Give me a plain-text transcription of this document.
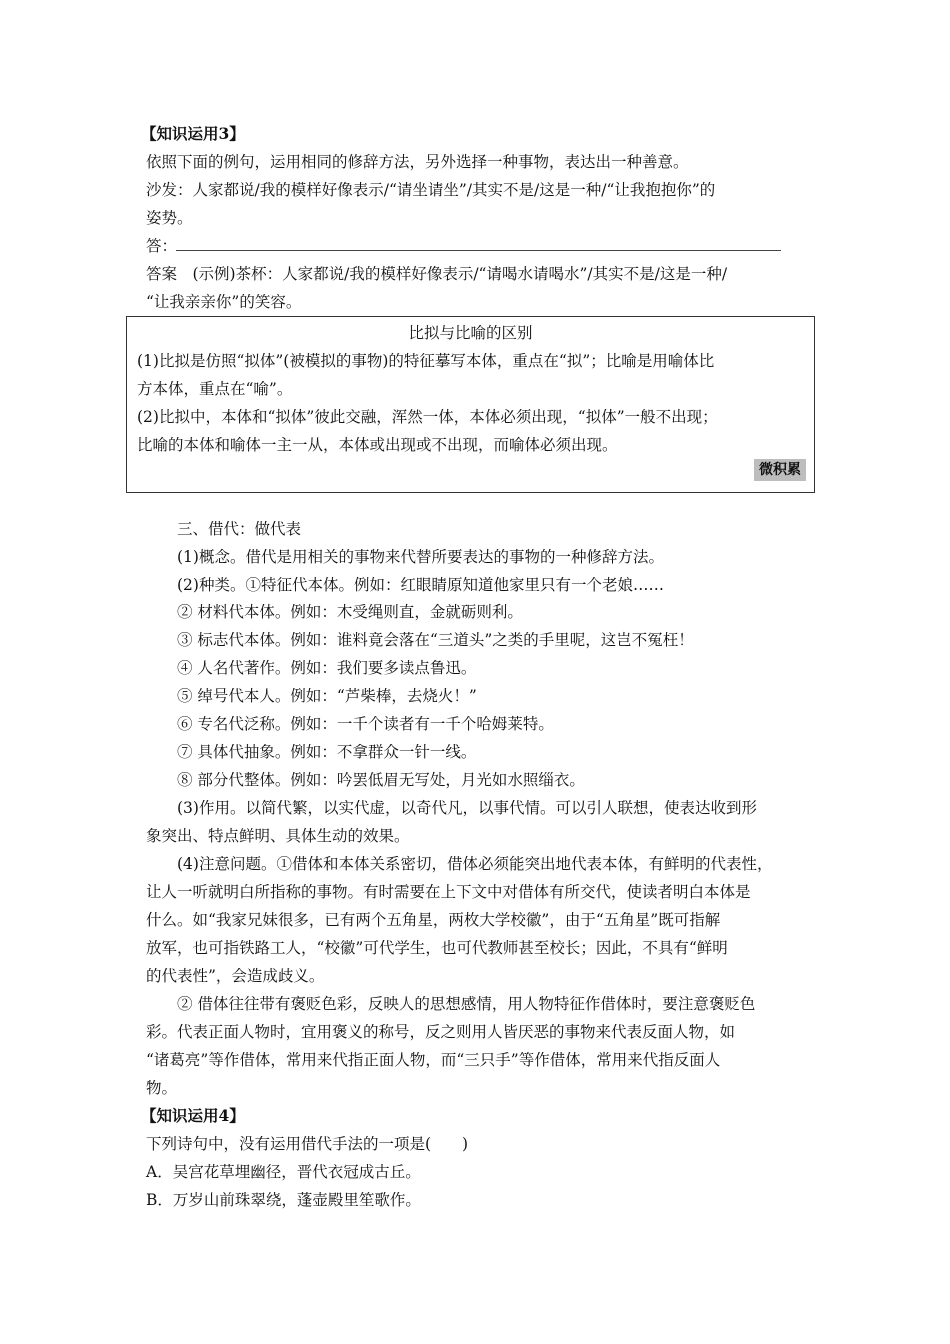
【知识运用3】
依照下面的例句，运用相同的修辞方法，另外选择一种事物，表达出一种善意。
沙发：人家都说/我的模样好像表示/“请坐请坐”/其实不是/这是一种/“让我抱抱你”的
姿势。
答：
答案　(示例)茶杯：人家都说/我的模样好像表示/“请喝水请喝水”/其实不是/这是一种/
“让我亲亲你”的笑容。
比拟与比喻的区别
(1)比拟是仿照“拟体”(被模拟的事物)的特征摹写本体，重点在“拟”；比喻是用喻体比
方本体，重点在“喻”。
(2)比拟中，本体和“拟体”彼此交融，浑然一体，本体必须出现，“拟体”一般不出现；
比喻的本体和喻体一主一从，本体或出现或不出现，而喻体必须出现。
微积累
三、借代：做代表
(1)概念。借代是用相关的事物来代替所要表达的事物的一种修辞方法。
(2)种类。①特征代本体。例如：红眼睛原知道他家里只有一个老娘……
② 材料代本体。例如：木受绳则直，金就砺则利。
③ 标志代本体。例如：谁料竟会落在“三道头”之类的手里呢，这岂不冤枉！
④ 人名代著作。例如：我们要多读点鲁迅。
⑤ 绰号代本人。例如：“芦柴棒，去烧火！”
⑥ 专名代泛称。例如：一千个读者有一千个哈姆莱特。
⑦ 具体代抽象。例如：不拿群众一针一线。
⑧ 部分代整体。例如：吟罢低眉无写处，月光如水照缁衣。
(3)作用。以简代繁，以实代虚，以奇代凡，以事代情。可以引人联想，使表达收到形
象突出、特点鲜明、具体生动的效果。
(4)注意问题。①借体和本体关系密切，借体必须能突出地代表本体，有鲜明的代表性，
让人一听就明白所指称的事物。有时需要在上下文中对借体有所交代，使读者明白本体是
什么。如“我家兄妹很多，已有两个五角星，两枚大学校徽”，由于“五角星”既可指解
放军，也可指铁路工人，“校徽”可代学生，也可代教师甚至校长；因此，不具有“鲜明
的代表性”，会造成歧义。
② 借体往往带有褒贬色彩，反映人的思想感情，用人物特征作借体时，要注意褒贬色
彩。代表正面人物时，宜用褒义的称号，反之则用人皆厌恶的事物来代表反面人物，如
“诸葛亮”等作借体，常用来代指正面人物，而“三只手”等作借体，常用来代指反面人
物。
【知识运用4】
下列诗句中，没有运用借代手法的一项是(　　)
A．吴宫花草埋幽径，晋代衣冠成古丘。
B．万岁山前珠翠绕，蓬壶殿里笙歌作。
